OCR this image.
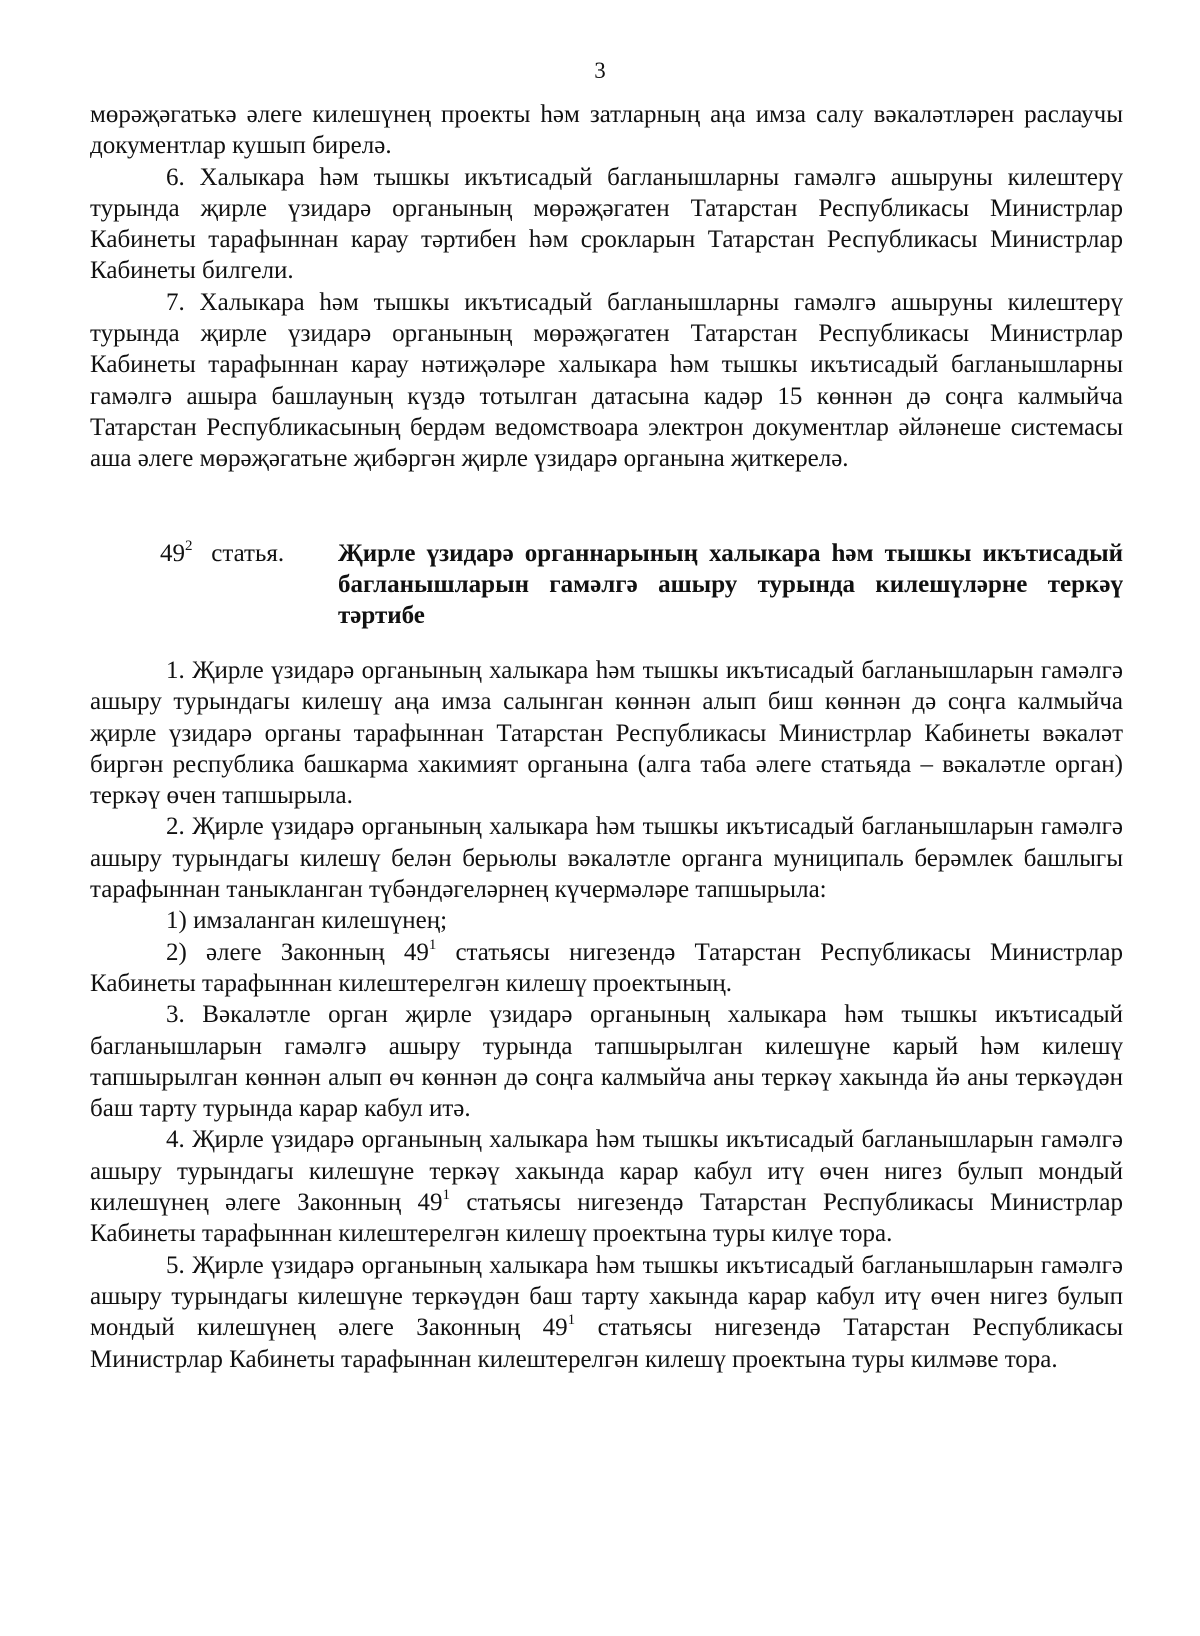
3

мөрәҗәгатькә әлеге килешүнең проекты һәм затларның аңа имза салу вәкаләтләрен раслаучы документлар кушып бирелә.

6. Халыкара һәм тышкы икътисадый багланышларны гамәлгә ашыруны килештерү турында җирле үзидарә органының мөрәҗәгатен Татарстан Республикасы Министрлар Кабинеты тарафыннан карау тәртибен һәм срокларын Татарстан Республикасы Министрлар Кабинеты билгели.

7. Халыкара һәм тышкы икътисадый багланышларны гамәлгә ашыруны килештерү турында җирле үзидарә органының мөрәҗәгатен Татарстан Республикасы Министрлар Кабинеты тарафыннан карау нәтиҗәләре халыкара һәм тышкы икътисадый багланышларны гамәлгә ашыра башлауның күздә тотылган датасына кадәр 15 көннән дә соңга калмыйча Татарстан Республикасының бердәм ведомствоара электрон документлар әйләнеше системасы аша әлеге мөрәҗәгатьне җибәргән җирле үзидарә органына җиткерелә.

$49^2$ статья. Җирле үзидарә органнарының халыкара һәм тышкы икътисадый багланышларын гамәлгә ашыру турында килешүләрне теркәү тәртибе

1. Җирле үзидарә органының халыкара һәм тышкы икътисадый багланышларын гамәлгә ашыру турындагы килешү аңа имза салынган көннән алып биш көннән дә соңга калмыйча җирле үзидарә органы тарафыннан Татарстан Республикасы Министрлар Кабинеты вәкаләт биргән республика башкарма хакимият органына (алга таба әлеге статьяда – вәкаләтле орган) теркәү өчен тапшырыла.

2. Җирле үзидарә органының халыкара һәм тышкы икътисадый багланышларын гамәлгә ашыру турындагы килешү белән берьюлы вәкаләтле органга муниципаль берәмлек башлыгы тарафыннан таныкланган түбәндәгеләрнең күчермәләре тапшырыла:

1) имзаланган килешүнең;

2) әлеге Законның $49^1$ статьясы нигезендә Татарстан Республикасы Министрлар Кабинеты тарафыннан килештерелгән килешү проектының.

3. Вәкаләтле орган җирле үзидарә органының халыкара һәм тышкы икътисадый багланышларын гамәлгә ашыру турында тапшырылган килешүне карый һәм килешү тапшырылган көннән алып өч көннән дә соңга калмыйча аны теркәү хакында йә аны теркәүдән баш тарту турында карар кабул итә.

4. Җирле үзидарә органының халыкара һәм тышкы икътисадый багланышларын гамәлгә ашыру турындагы килешүне теркәү хакында карар кабул итү өчен нигез булып мондый килешүнең әлеге Законның $49^1$ статьясы нигезендә Татарстан Республикасы Министрлар Кабинеты тарафыннан килештерелгән килешү проектына туры килүе тора.

5. Җирле үзидарә органының халыкара һәм тышкы икътисадый багланышларын гамәлгә ашыру турындагы килешүне теркәүдән баш тарту хакында карар кабул итү өчен нигез булып мондый килешүнең әлеге Законның $49^1$ статьясы нигезендә Татарстан Республикасы Министрлар Кабинеты тарафыннан килештерелгән килешү проектына туры килмәве тора.
